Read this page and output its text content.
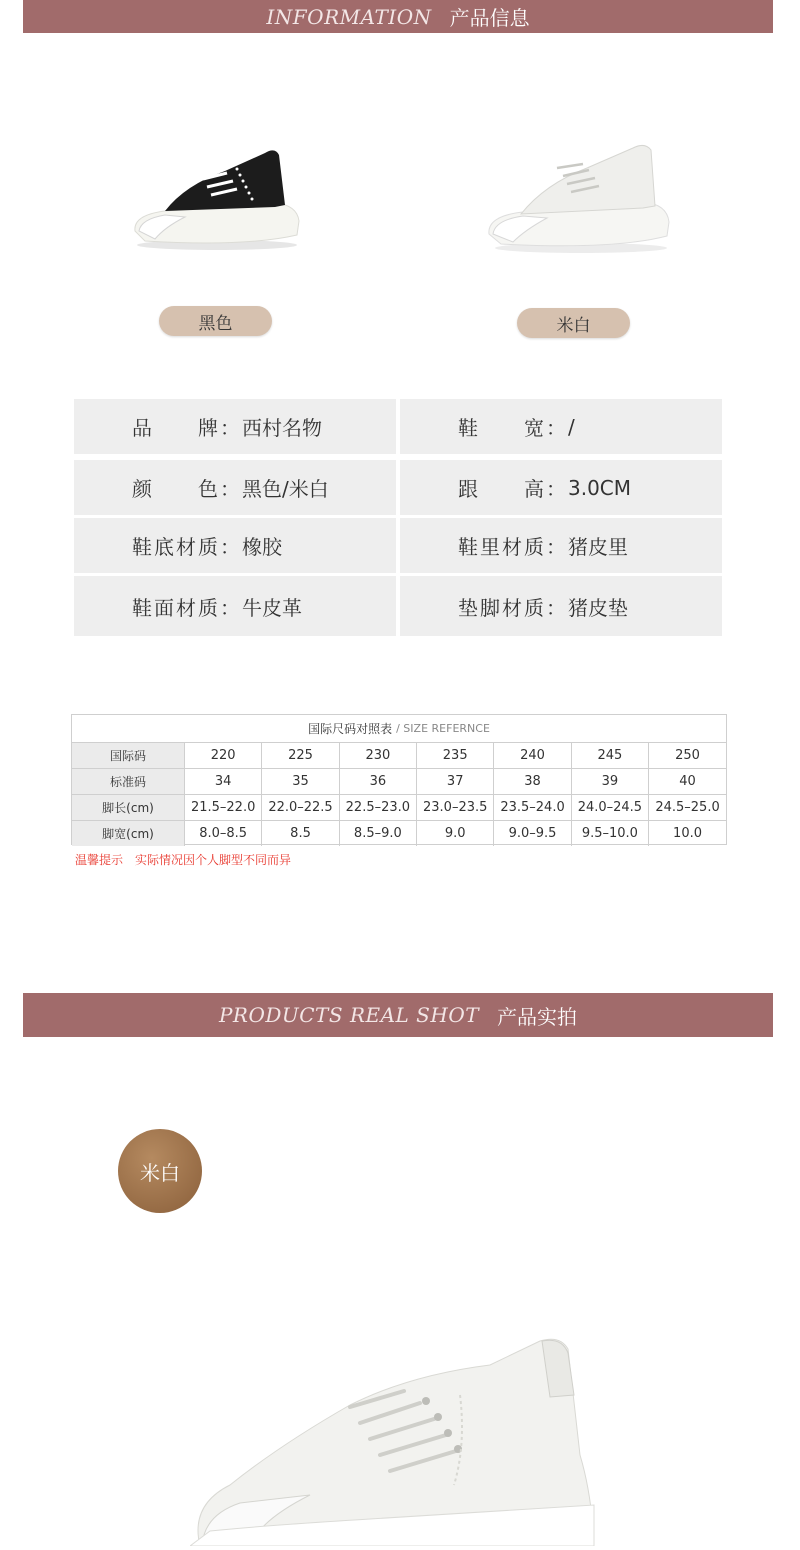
INFORMATION 产品信息
黑色	米白
品　　牌： 西村名物	鞋　　宽： /
颜　　色： 黑色/米白	跟　　高： 3.0CM
鞋底材质： 橡胶	鞋里材质： 猪皮里
鞋面材质： 牛皮革	垫脚材质： 猪皮垫
国际尺码对照表 / SIZE REFERNCE
国际码	220	225	230	235	240	245	250
标准码	34	35	36	37	38	39	40
脚长(cm)	21.5–22.0	22.0–22.5	22.5–23.0	23.0–23.5	23.5–24.0	24.0–24.5	24.5–25.0
脚宽(cm)	8.0–8.5	8.5	8.5–9.0	9.0	9.0–9.5	9.5–10.0	10.0
温馨提示 实际情况因个人脚型不同而异
PRODUCTS REAL SHOT 产品实拍
米白
